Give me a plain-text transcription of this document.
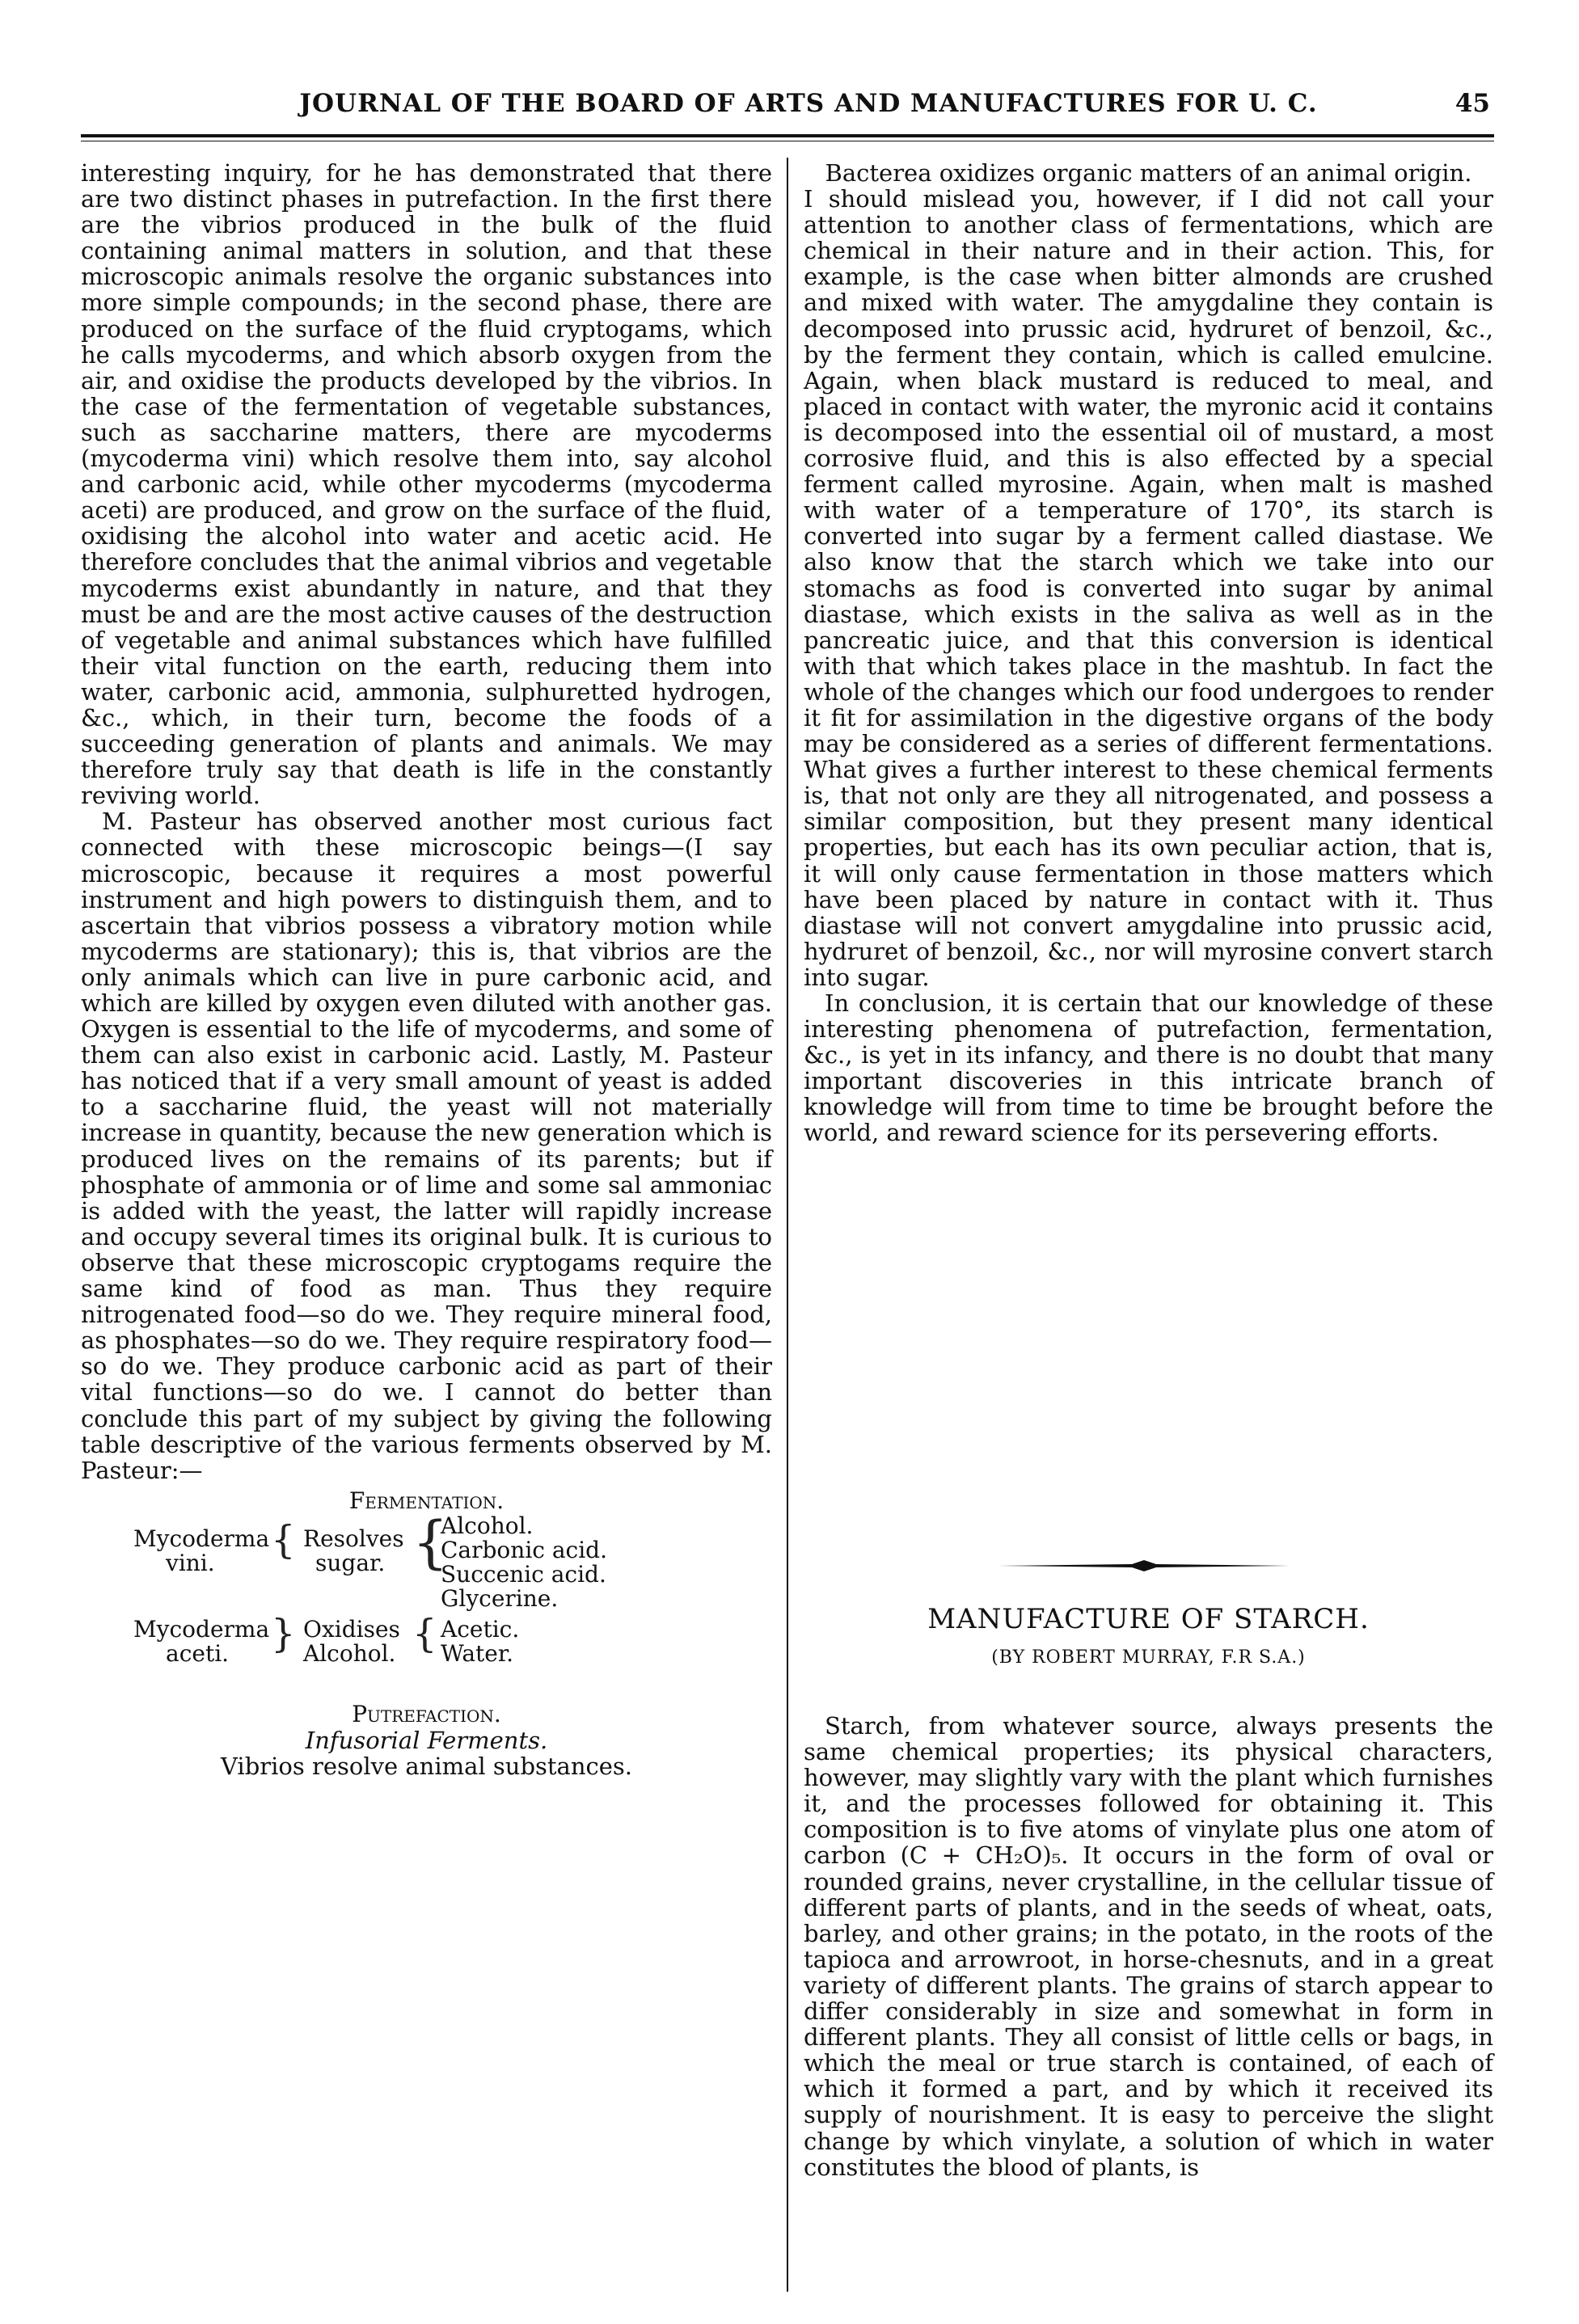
JOURNAL OF THE BOARD OF ARTS AND MANUFACTURES FOR U. C.	45

interesting inquiry, for he has demonstrated that there are two distinct phases in putrefaction. In the first there are the vibrios produced in the bulk of the fluid containing animal matters in solution, and that these microscopic animals resolve the organic substances into more simple compounds; in the second phase, there are produced on the surface of the fluid cryptogams, which he calls mycoderms, and which absorb oxygen from the air, and oxidise the products developed by the vibrios. In the case of the fermentation of vegetable substances, such as saccharine matters, there are mycoderms (mycoderma vini) which resolve them into, say alcohol and carbonic acid, while other mycoderms (mycoderma aceti) are produced, and grow on the surface of the fluid, oxidising the alcohol into water and acetic acid. He therefore concludes that the animal vibrios and vegetable mycoderms exist abundantly in nature, and that they must be and are the most active causes of the destruction of vegetable and animal substances which have fulfilled their vital function on the earth, reducing them into water, carbonic acid, ammonia, sulphuretted hydrogen, &c., which, in their turn, become the foods of a succeeding generation of plants and animals. We may therefore truly say that death is life in the constantly reviving world.

M. Pasteur has observed another most curious fact connected with these microscopic beings—(I say microscopic, because it requires a most powerful instrument and high powers to distinguish them, and to ascertain that vibrios possess a vibratory motion while mycoderms are stationary); this is, that vibrios are the only animals which can live in pure carbonic acid, and which are killed by oxygen even diluted with another gas. Oxygen is essential to the life of mycoderms, and some of them can also exist in carbonic acid. Lastly, M. Pasteur has noticed that if a very small amount of yeast is added to a saccharine fluid, the yeast will not materially increase in quantity, because the new generation which is produced lives on the remains of its parents; but if phosphate of ammonia or of lime and some sal ammoniac is added with the yeast, the latter will rapidly increase and occupy several times its original bulk. It is curious to observe that these microscopic cryptogams require the same kind of food as man. Thus they require nitrogenated food—so do we. They require mineral food, as phosphates—so do we. They require respiratory food—so do we. They produce carbonic acid as part of their vital functions—so do we. I cannot do better than conclude this part of my subject by giving the following table descriptive of the various ferments observed by M. Pasteur:—

Fermentation.
Mycoderma
vini.
{ Resolves
sugar. {
Alcohol.
Carbonic acid.
Succenic acid.
Glycerine.
Mycoderma
aceti. } Oxidises
Alcohol. { Acetic.
Water.
Putrefaction.
Infusorial Ferments.
Vibrios resolve animal substances.

Bacterea oxidizes organic matters of an animal origin.

I should mislead you, however, if I did not call your attention to another class of fermentations, which are chemical in their nature and in their action. This, for example, is the case when bitter almonds are crushed and mixed with water. The amygdaline they contain is decomposed into prussic acid, hydruret of benzoil, &c., by the ferment they contain, which is called emulcine. Again, when black mustard is reduced to meal, and placed in contact with water, the myronic acid it contains is decomposed into the essential oil of mustard, a most corrosive fluid, and this is also effected by a special ferment called myrosine. Again, when malt is mashed with water of a temperature of 170°, its starch is converted into sugar by a ferment called diastase. We also know that the starch which we take into our stomachs as food is converted into sugar by animal diastase, which exists in the saliva as well as in the pancreatic juice, and that this conversion is identical with that which takes place in the mashtub. In fact the whole of the changes which our food undergoes to render it fit for assimilation in the digestive organs of the body may be considered as a series of different fermentations. What gives a further interest to these chemical ferments is, that not only are they all nitrogenated, and possess a similar composition, but they present many identical properties, but each has its own peculiar action, that is, it will only cause fermentation in those matters which have been placed by nature in contact with it. Thus diastase will not convert amygdaline into prussic acid, hydruret of benzoil, &c., nor will myrosine convert starch into sugar.

In conclusion, it is certain that our knowledge of these interesting phenomena of putrefaction, fermentation, &c., is yet in its infancy, and there is no doubt that many important discoveries in this intricate branch of knowledge will from time to time be brought before the world, and reward science for its persevering efforts.

MANUFACTURE OF STARCH.
(BY ROBERT MURRAY, F.R S.A.)

Starch, from whatever source, always presents the same chemical properties; its physical characters, however, may slightly vary with the plant which furnishes it, and the processes followed for obtaining it. This composition is to five atoms of vinylate plus one atom of carbon (C + CH₂O)₅. It occurs in the form of oval or rounded grains, never crystalline, in the cellular tissue of different parts of plants, and in the seeds of wheat, oats, barley, and other grains; in the potato, in the roots of the tapioca and arrowroot, in horse-chesnuts, and in a great variety of different plants. The grains of starch appear to differ considerably in size and somewhat in form in different plants. They all consist of little cells or bags, in which the meal or true starch is contained, of each of which it formed a part, and by which it received its supply of nourishment. It is easy to perceive the slight change by which vinylate, a solution of which in water constitutes the blood of plants, is
